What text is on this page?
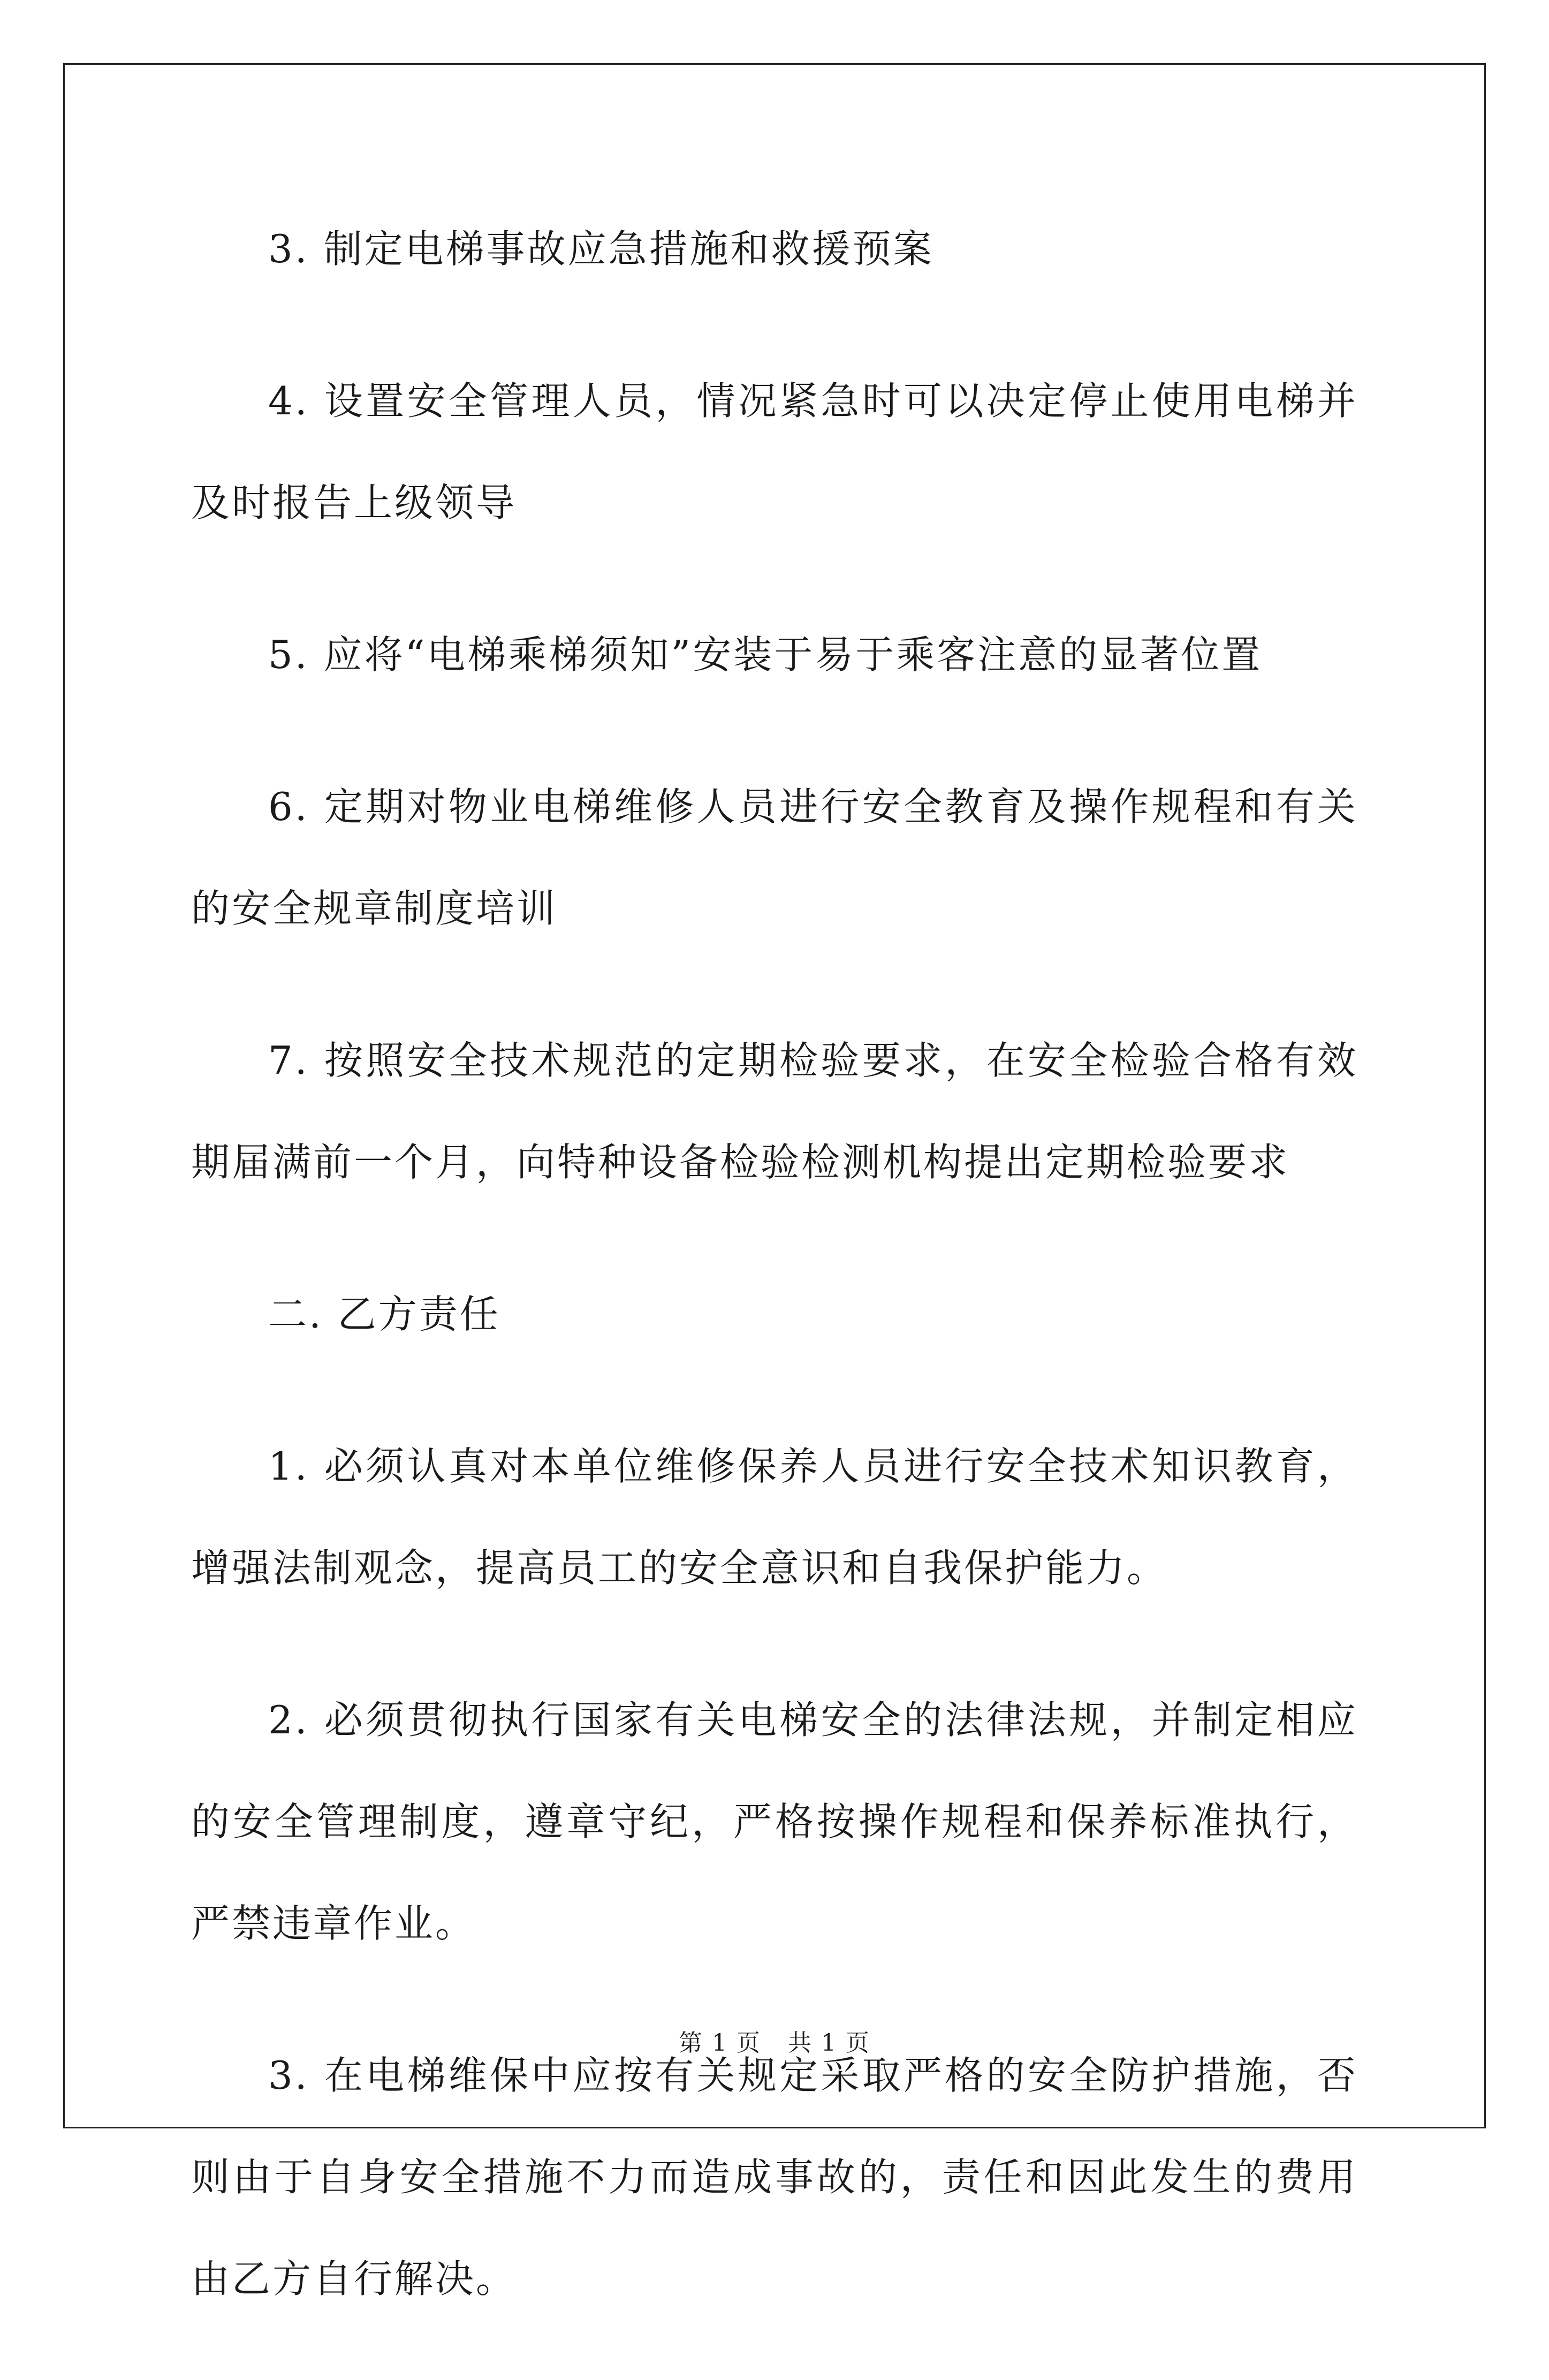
3. 制定电梯事故应急措施和救援预案

4. 设置安全管理人员，情况紧急时可以决定停止使用电梯并及时报告上级领导

5. 应将“电梯乘梯须知”安装于易于乘客注意的显著位置

6. 定期对物业电梯维修人员进行安全教育及操作规程和有关的安全规章制度培训

7. 按照安全技术规范的定期检验要求，在安全检验合格有效期届满前一个月，向特种设备检验检测机构提出定期检验要求

二. 乙方责任

1. 必须认真对本单位维修保养人员进行安全技术知识教育，增强法制观念，提高员工的安全意识和自我保护能力。

2. 必须贯彻执行国家有关电梯安全的法律法规，并制定相应的安全管理制度，遵章守纪，严格按操作规程和保养标准执行，严禁违章作业。

3. 在电梯维保中应按有关规定采取严格的安全防护措施，否则由于自身安全措施不力而造成事故的，责任和因此发生的费用由乙方自行解决。

第 1 页 共 1 页
